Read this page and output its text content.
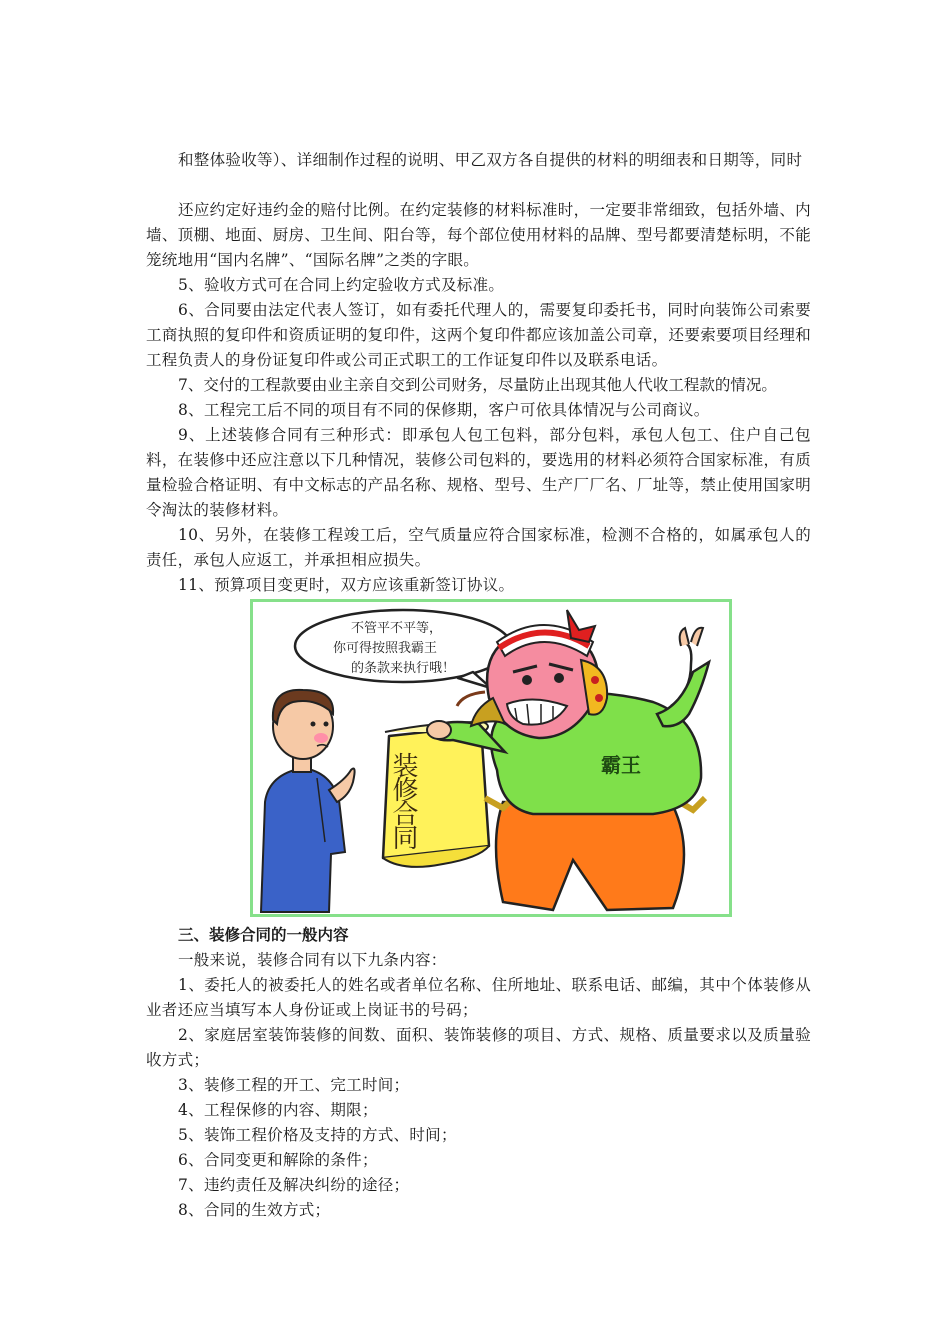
和整体验收等）、详细制作过程的说明、甲乙双方各自提供的材料的明细表和日期等，同时

还应约定好违约金的赔付比例。在约定装修的材料标准时，一定要非常细致，包括外墙、内墙、顶棚、地面、厨房、卫生间、阳台等，每个部位使用材料的品牌、型号都要清楚标明，不能笼统地用“国内名牌”、“国际名牌”之类的字眼。

5、验收方式可在合同上约定验收方式及标准。

6、合同要由法定代表人签订，如有委托代理人的，需要复印委托书，同时向装饰公司索要工商执照的复印件和资质证明的复印件，这两个复印件都应该加盖公司章，还要索要项目经理和工程负责人的身份证复印件或公司正式职工的工作证复印件以及联系电话。

7、交付的工程款要由业主亲自交到公司财务，尽量防止出现其他人代收工程款的情况。

8、工程完工后不同的项目有不同的保修期，客户可依具体情况与公司商议。

9、上述装修合同有三种形式：即承包人包工包料，部分包料，承包人包工、住户自己包料，在装修中还应注意以下几种情况，装修公司包料的，要选用的材料必须符合国家标准，有质量检验合格证明、有中文标志的产品名称、规格、型号、生产厂厂名、厂址等，禁止使用国家明令淘汰的装修材料。

10、另外，在装修工程竣工后，空气质量应符合国家标准，检测不合格的，如属承包人的责任，承包人应返工，并承担相应损失。

11、预算项目变更时，双方应该重新签订协议。

不管平不平等，
你可得按照我霸王
的条款来执行哦！
装修合同	霸王
三、装修合同的一般内容

一般来说，装修合同有以下九条内容：

1、委托人的被委托人的姓名或者单位名称、住所地址、联系电话、邮编，其中个体装修从业者还应当填写本人身份证或上岗证书的号码；

2、家庭居室装饰装修的间数、面积、装饰装修的项目、方式、规格、质量要求以及质量验收方式；

3、装修工程的开工、完工时间；

4、工程保修的内容、期限；

5、装饰工程价格及支持的方式、时间；

6、合同变更和解除的条件；

7、违约责任及解决纠纷的途径；

8、合同的生效方式；
